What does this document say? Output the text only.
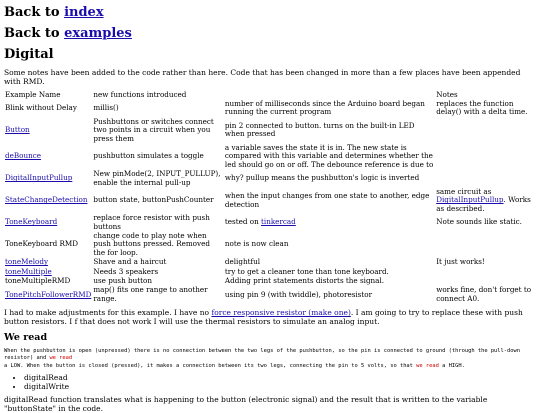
Back to index
Back to examples
Digital

Some notes have been added to the code rather than here. Code that has been changed in more than a few places have been appended with RMD.

Example Name	new functions introduced		Notes
Blink without Delay	millis()	number of milliseconds since the Arduino board began running the current program	replaces the function delay() with a delta time.
Button	Pushbuttons or switches connect two points in a circuit when you press them	pin 2 connected to button. turns on the built-in LED when pressed	
deBounce	pushbutton simulates a toggle	a variable saves the state it is in. The new state is compared with this variable and determines whether the led should go on or off. The debounce reference is due to	
DigitalInputPullup	New pinMode(2, INPUT_PULLUP), enable the internal pull-up	why? pullup means the pushbutton's logic is inverted	
StateChangeDetection	button state, buttonPushCounter	when the input changes from one state to another, edge detection	same circuit as DigitalInputPullup. Works as described.
ToneKeyboard	replace force resistor with push buttons	tested on tinkercad	Note sounds like static.
ToneKeyboard RMD	change code to play note when push buttons pressed. Removed the for loop.	note is now clean	
toneMelody	Shave and a haircut	delightful	It just works!
toneMultiple	Needs 3 speakers	try to get a cleaner tone than tone keyboard.	
toneMultipleRMD	use push button	Adding print statements distorts the signal.	
TonePitchFollowerRMD	map() fits one range to another range.	using pin 9 (with twiddle), photoresistor	works fine, don't forget to connect A0.

I had to make adjustments for this example. I have no force responsive resistor (make one). I am going to try to replace these with push button resistors. I f that does not work I will use the thermal resistors to simulate an analog input.

We read
When the pushbutton is open (unpressed) there is no connection between the two legs of the pushbutton, so the pin is connected to ground (through the pull-down resistor) and we read
a LOW. When the button is closed (pressed), it makes a connection between its two legs, connecting the pin to 5 volts, so that we read a HIGH.
• digitalRead
• digitalWrite

digitalRead function translates what is happening to the button (electronic signal) and the result that is written to the variable "buttonState" in the code.
